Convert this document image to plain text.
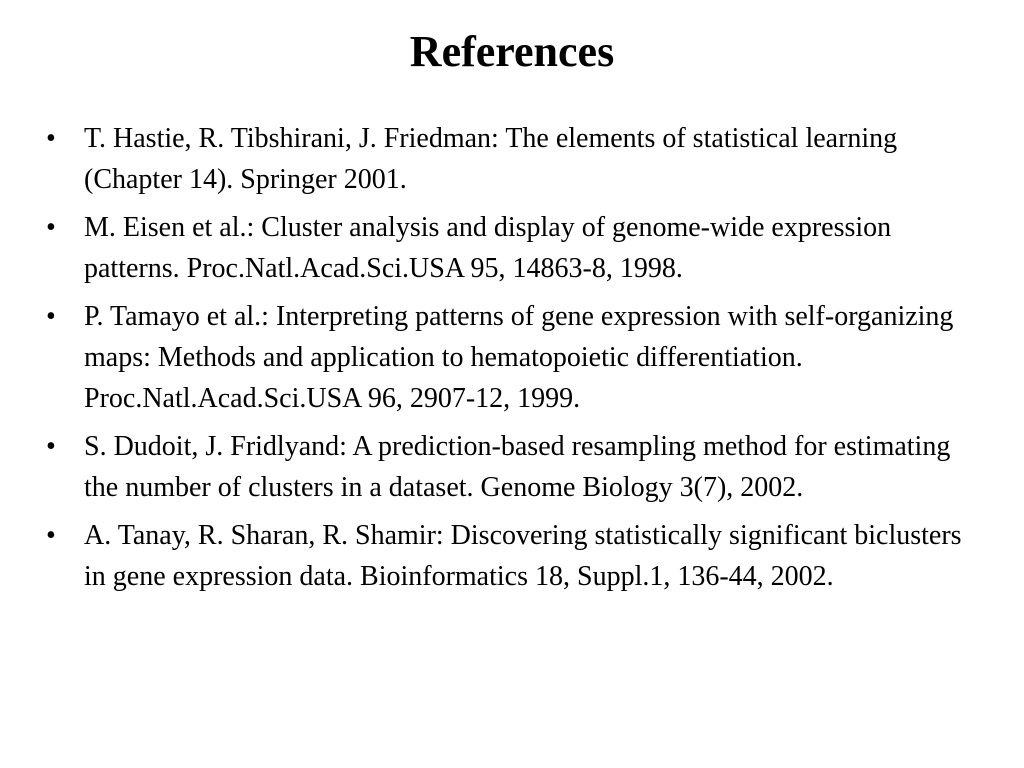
References
• T. Hastie, R. Tibshirani, J. Friedman: The elements of statistical learning (Chapter 14). Springer 2001.
• M. Eisen et al.: Cluster analysis and display of genome-wide expression patterns. Proc.Natl.Acad.Sci.USA 95, 14863-8, 1998.
• P. Tamayo et al.: Interpreting patterns of gene expression with self-organizing maps: Methods and application to hematopoietic differentiation. Proc.Natl.Acad.Sci.USA 96, 2907-12, 1999.
• S. Dudoit, J. Fridlyand: A prediction-based resampling method for estimating the number of clusters in a dataset. Genome Biology 3(7), 2002.
• A. Tanay, R. Sharan, R. Shamir: Discovering statistically significant biclusters in gene expression data. Bioinformatics 18, Suppl.1, 136-44, 2002.
